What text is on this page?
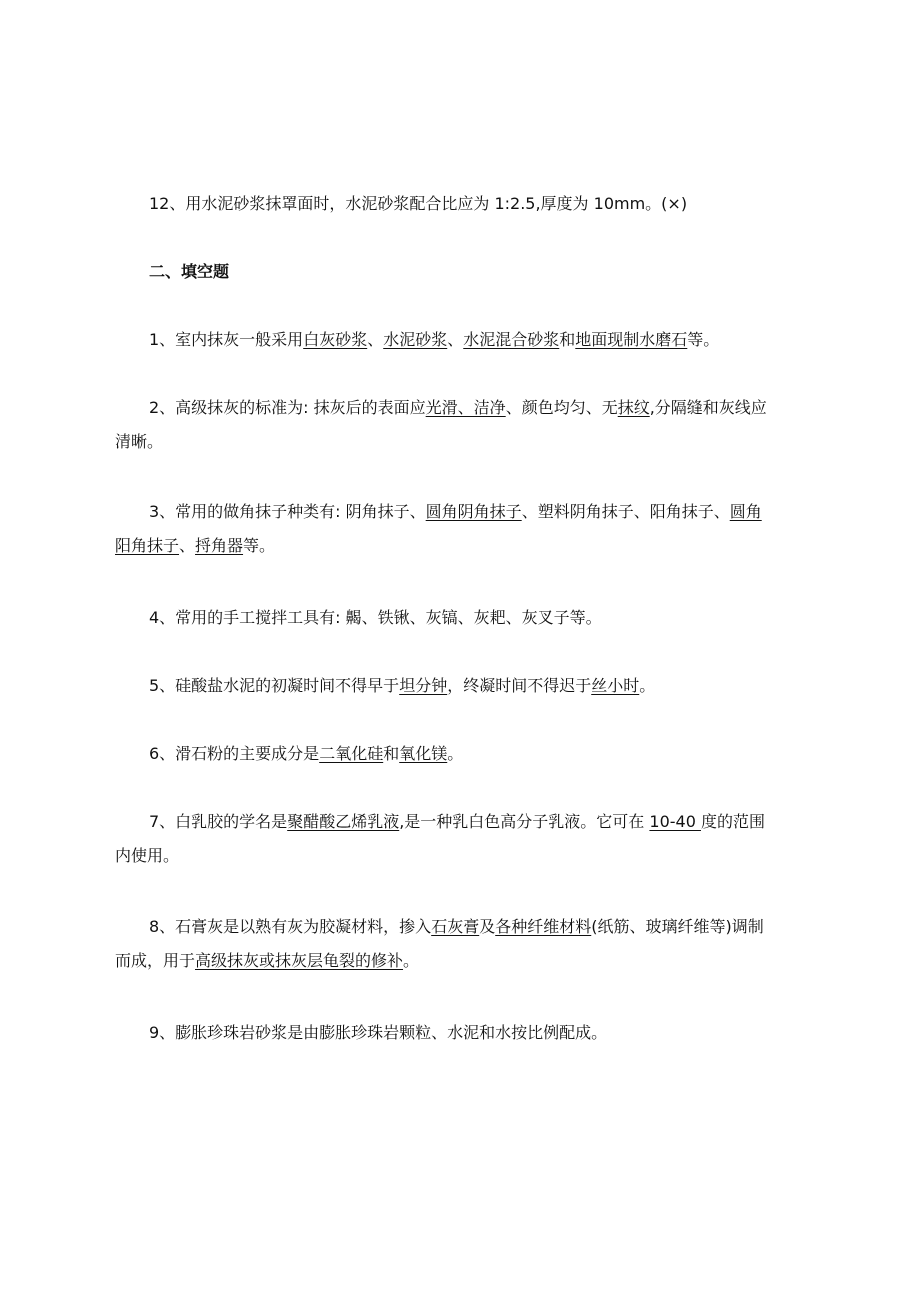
12、用水泥砂浆抹罩面时，水泥砂浆配合比应为 1:2.5,厚度为 10mm。(×)
二、填空题
1、室内抹灰一般采用白灰砂浆、水泥砂浆、水泥混合砂浆和地面现制水磨石等。
2、高级抹灰的标准为: 抹灰后的表面应光滑、洁净、颜色均匀、无抹纹,分隔缝和灰线应
清晰。
3、常用的做角抹子种类有: 阴角抹子、圆角阴角抹子、塑料阴角抹子、阳角抹子、圆角
阳角抹子、捋角器等。
4、常用的手工搅拌工具有: 齃、铁锹、灰镐、灰耙、灰叉子等。
5、硅酸盐水泥的初凝时间不得早于坦分钟，终凝时间不得迟于丝小时。
6、滑石粉的主要成分是二氧化硅和氧化镁。
7、白乳胶的学名是聚醋酸乙烯乳液,是一种乳白色高分子乳液。它可在 10-40 度的范围
内使用。
8、石膏灰是以熟有灰为胶凝材料，掺入石灰膏及各种纤维材料(纸筋、玻璃纤维等)调制
而成，用于高级抹灰或抹灰层龟裂的修补。
9、膨胀珍珠岩砂浆是由膨胀珍珠岩颗粒、水泥和水按比例配成。
